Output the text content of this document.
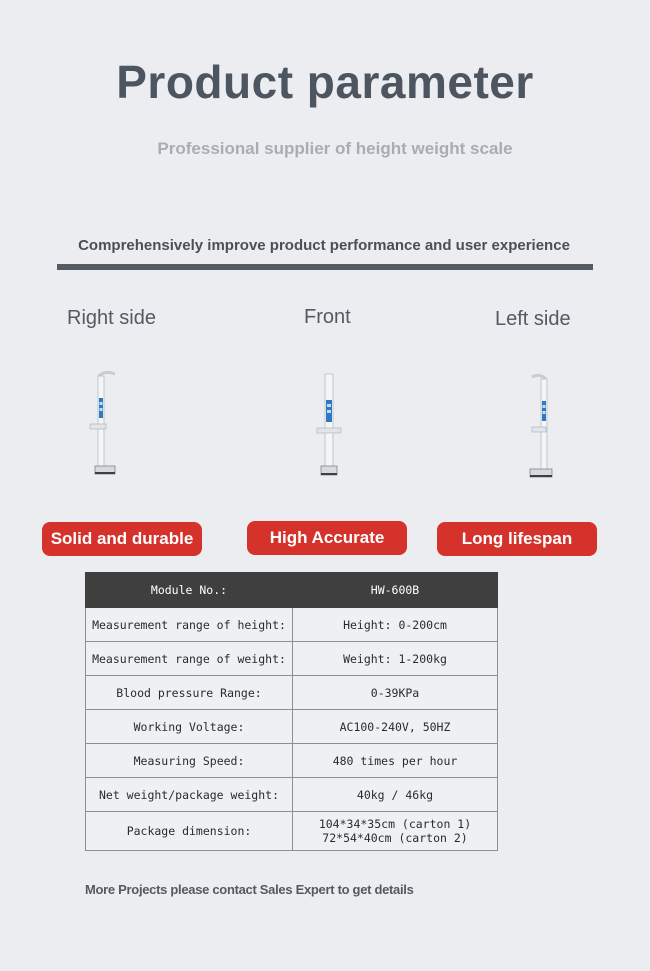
Product parameter
Professional supplier of height weight scale
Comprehensively improve product performance and user experience
Right side	Front	Left side
Solid and durable	High Accurate	Long lifespan
Module No.:	HW-600B
Measurement range of height:	Height: 0-200cm
Measurement range of weight:	Weight: 1-200kg
Blood pressure Range:	0-39KPa
Working Voltage:	AC100-240V, 50HZ
Measuring Speed:	480 times per hour
Net weight/package weight:	40kg / 46kg
Package dimension:	104*34*35cm (carton 1)
72*54*40cm (carton 2)
More Projects please contact Sales Expert to get details
